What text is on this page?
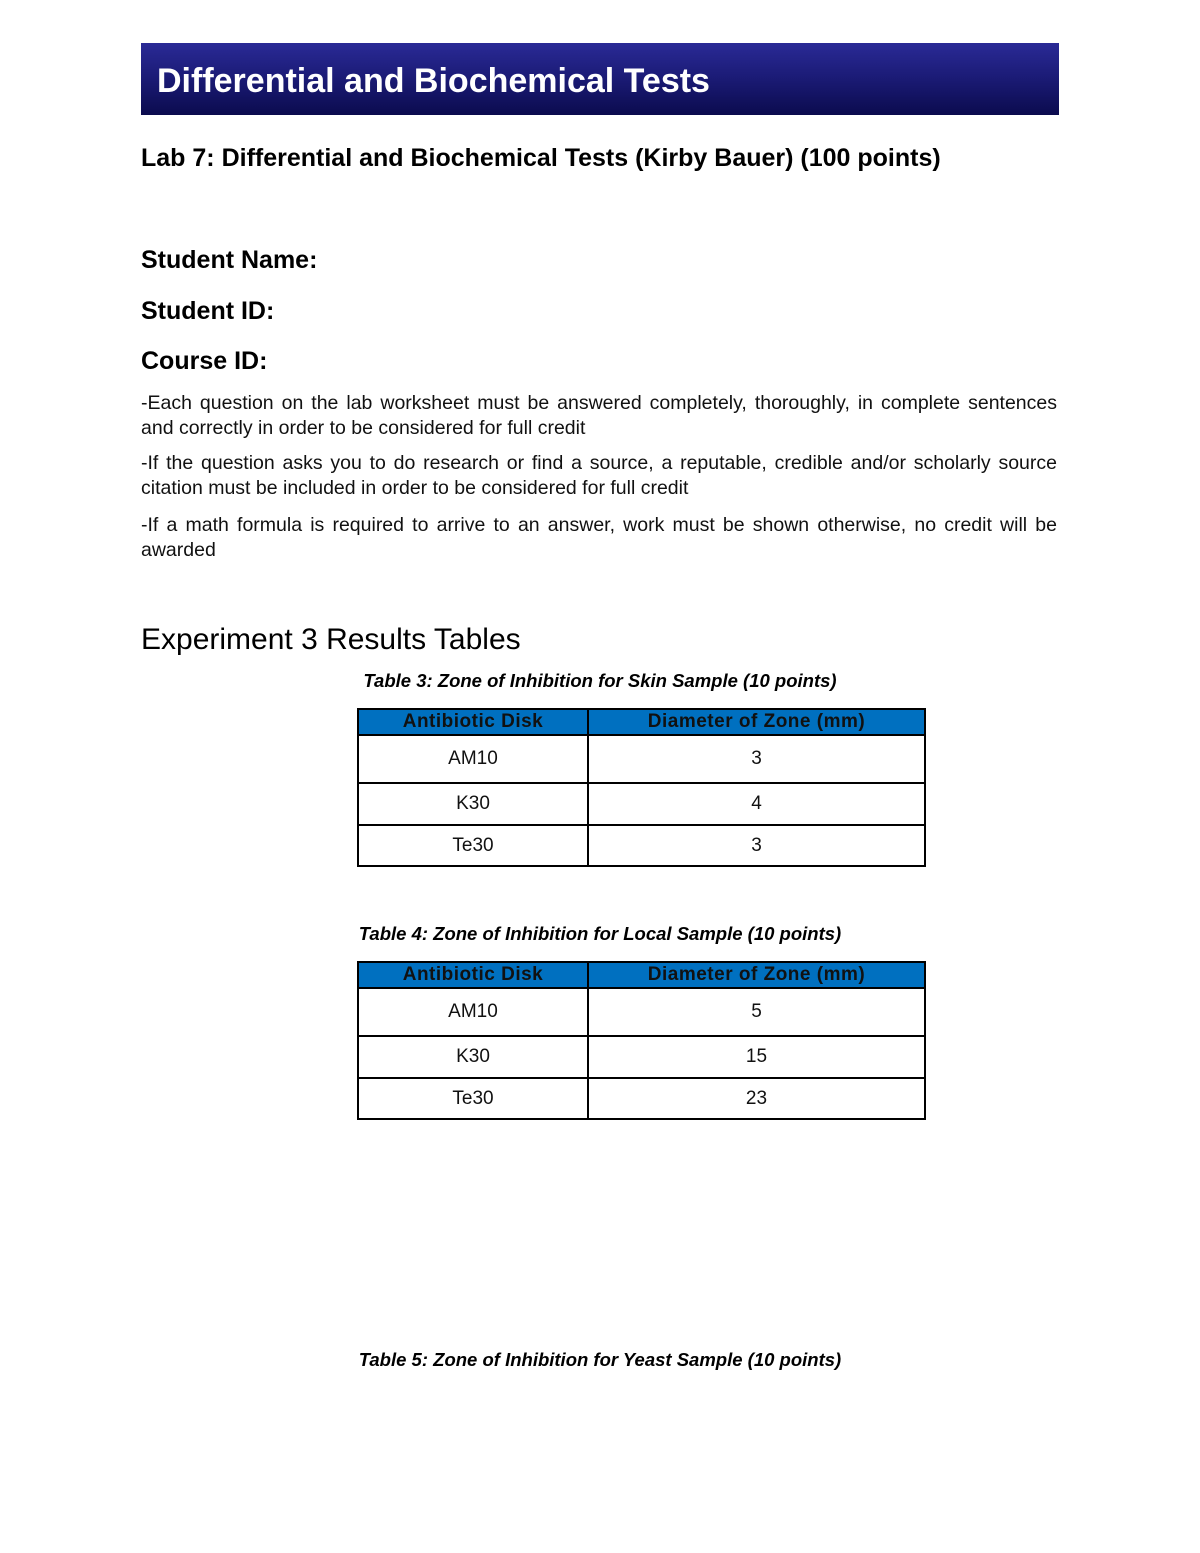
Differential and Biochemical Tests
Lab 7: Differential and Biochemical Tests (Kirby Bauer) (100 points)
Student Name:
Student ID:
Course ID:
-Each question on the lab worksheet must be answered completely, thoroughly, in complete sentences and correctly in order to be considered for full credit
-If the question asks you to do research or find a source, a reputable, credible and/or scholarly source citation must be included in order to be considered for full credit
-If a math formula is required to arrive to an answer, work must be shown otherwise, no credit will be awarded
Experiment 3 Results Tables
Table 3: Zone of Inhibition for Skin Sample (10 points)
Antibiotic Disk	Diameter of Zone (mm)
AM10	3
K30	4
Te30	3
Table 4: Zone of Inhibition for Local Sample (10 points)
Antibiotic Disk	Diameter of Zone (mm)
AM10	5
K30	15
Te30	23
Table 5: Zone of Inhibition for Yeast Sample (10 points)
